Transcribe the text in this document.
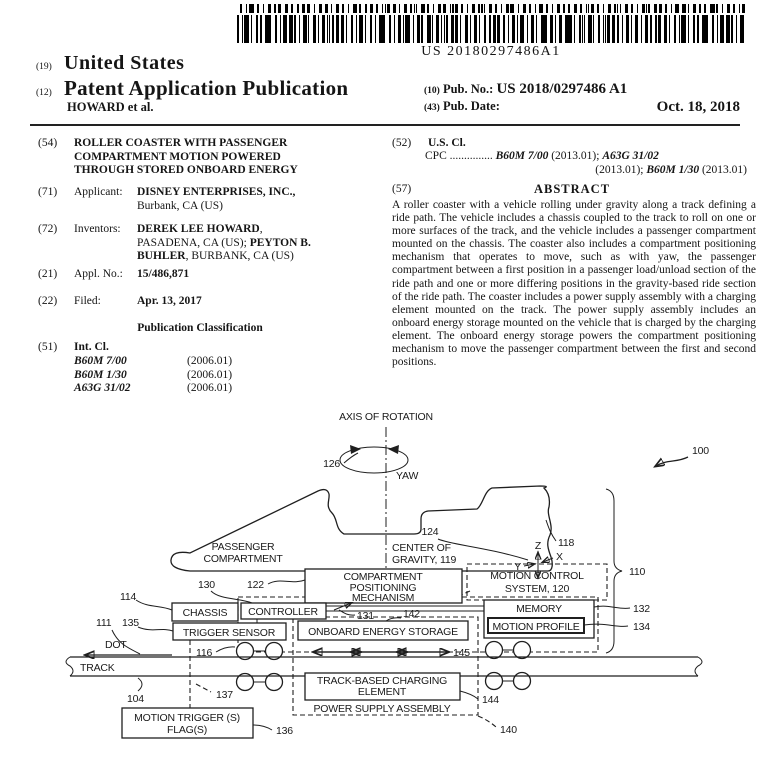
US 20180297486A1
(19) United States
(12) Patent Application Publication
HOWARD et al.
(10) Pub. No.: US 2018/0297486 A1
(43) Pub. Date:	Oct. 18, 2018
(54) ROLLER COASTER WITH PASSENGER COMPARTMENT MOTION POWERED THROUGH STORED ONBOARD ENERGY
(71) Applicant: DISNEY ENTERPRISES, INC.,
Burbank, CA (US)
(72) Inventors: DEREK LEE HOWARD, PASADENA, CA (US); PEYTON B. BUHLER, BURBANK, CA (US)
(21) Appl. No.: 15/486,871
(22) Filed:	Apr. 13, 2017
Publication Classification
(51) Int. Cl.
B60M 7/00	(2006.01)
B60M 1/30	(2006.01)
A63G 31/02	(2006.01)
(52) U.S. Cl.
CPC ............... B60M 7/00 (2013.01); A63G 31/02
(2013.01); B60M 1/30 (2013.01)
(57)	ABSTRACT
A roller coaster with a vehicle rolling under gravity along a track defining a ride path. The vehicle includes a chassis coupled to the track to roll on one or more surfaces of the track, and the vehicle includes a passenger compartment mounted on the chassis. The coaster also includes a compartment positioning mechanism that operates to move, such as with yaw, the passenger compartment between a first position in a passenger load/unload section of the ride path and one or more differing positions in the gravity-based ride section of the ride path. The coaster includes a power supply assembly with a charging element mounted on the track. The power supply assembly includes an onboard energy storage mounted on the vehicle that is charged by the charging element. The onboard energy storage powers the compartment positioning mechanism to move the passenger compartment between the first and second positions.
AXIS OF ROTATION
126
YAW
100
PASSENGER
COMPARTMENT
124
Z
Y
X
CENTER OF
GRAVITY, 119
118
110
MOTION CONTROL
SYSTEM, 120
COMPARTMENT
POSITIONING
MECHANISM
CHASSIS CONTROLLER
TRIGGER SENSOR	ONBOARD ENERGY STORAGE
MEMORY
MOTION PROFILE
122
130
114
111 135
131	142	132
134
DOT
116	145
TRACK
104	137
MOTION TRIGGER (S)
FLAG(S)	136
TRACK-BASED CHARGING
ELEMENT
144
POWER SUPPLY ASSEMBLY
140
